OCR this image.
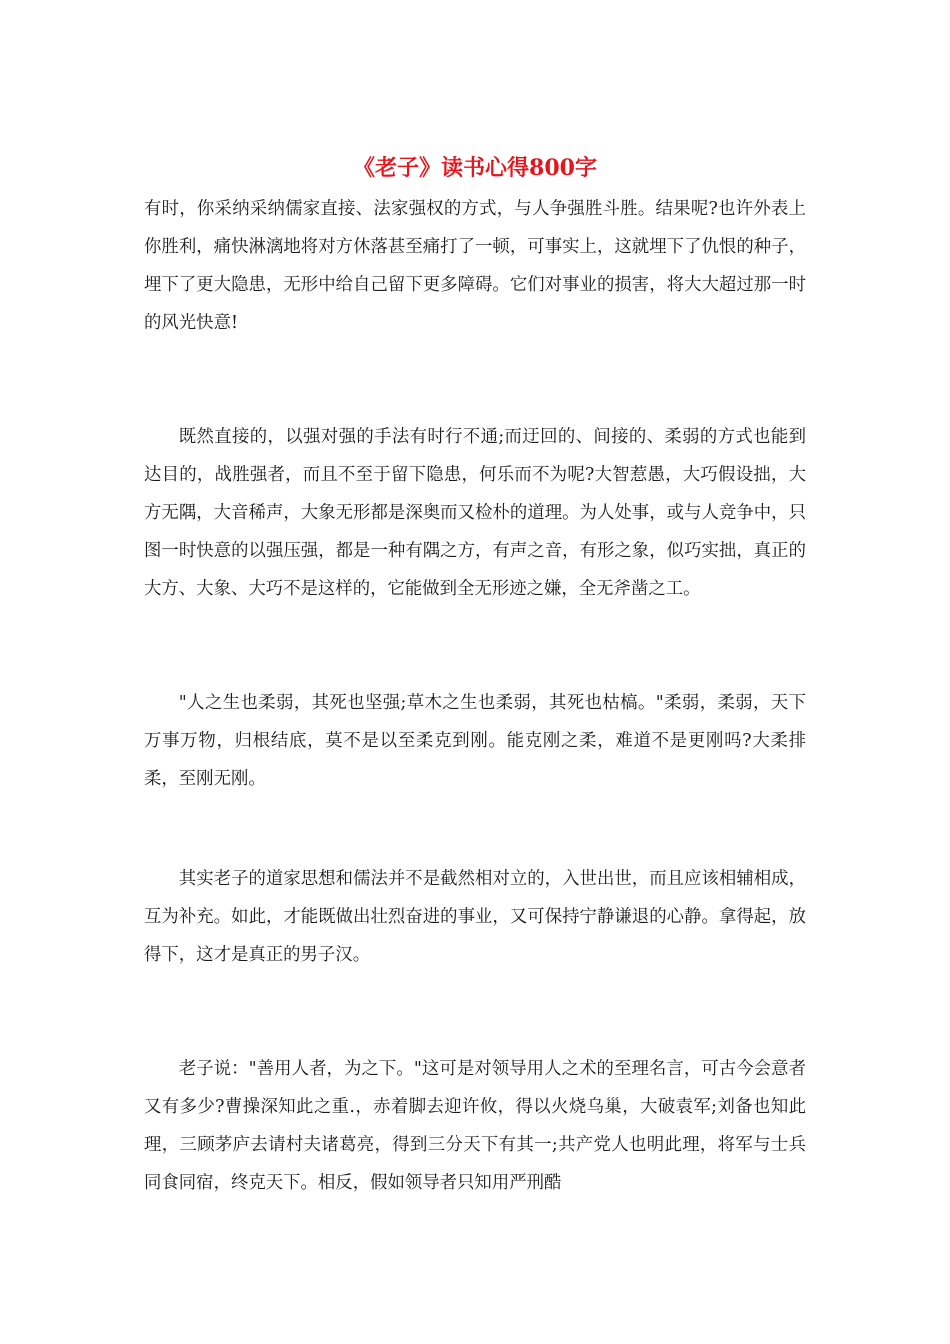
《老子》读书心得800字

有时，你采纳采纳儒家直接、法家强权的方式，与人争强胜斗胜。结果呢?也许外表上你胜利，痛快淋漓地将对方休落甚至痛打了一顿，可事实上，这就埋下了仇恨的种子，埋下了更大隐患，无形中给自己留下更多障碍。它们对事业的损害，将大大超过那一时的风光快意!

既然直接的，以强对强的手法有时行不通;而迂回的、间接的、柔弱的方式也能到达目的，战胜强者，而且不至于留下隐患，何乐而不为呢?大智惹愚，大巧假设拙，大方无隅，大音稀声，大象无形都是深奥而又检朴的道理。为人处事，或与人竞争中，只图一时快意的以强压强，都是一种有隅之方，有声之音，有形之象，似巧实拙，真正的大方、大象、大巧不是这样的，它能做到全无形迹之嫌，全无斧凿之工。

"人之生也柔弱，其死也坚强;草木之生也柔弱，其死也枯槁。"柔弱，柔弱，天下万事万物，归根结底，莫不是以至柔克到刚。能克刚之柔，难道不是更刚吗?大柔排柔，至刚无刚。

其实老子的道家思想和儒法并不是截然相对立的，入世出世，而且应该相辅相成，互为补充。如此，才能既做出壮烈奋进的事业，又可保持宁静谦退的心静。拿得起，放得下，这才是真正的男子汉。

老子说："善用人者，为之下。"这可是对领导用人之术的至理名言，可古今会意者又有多少?曹操深知此之重.，赤着脚去迎许攸，得以火烧乌巢，大破袁军;刘备也知此理，三顾茅庐去请村夫诸葛亮，得到三分天下有其一;共产党人也明此理，将军与士兵同食同宿，终克天下。相反，假如领导者只知用严刑酷
